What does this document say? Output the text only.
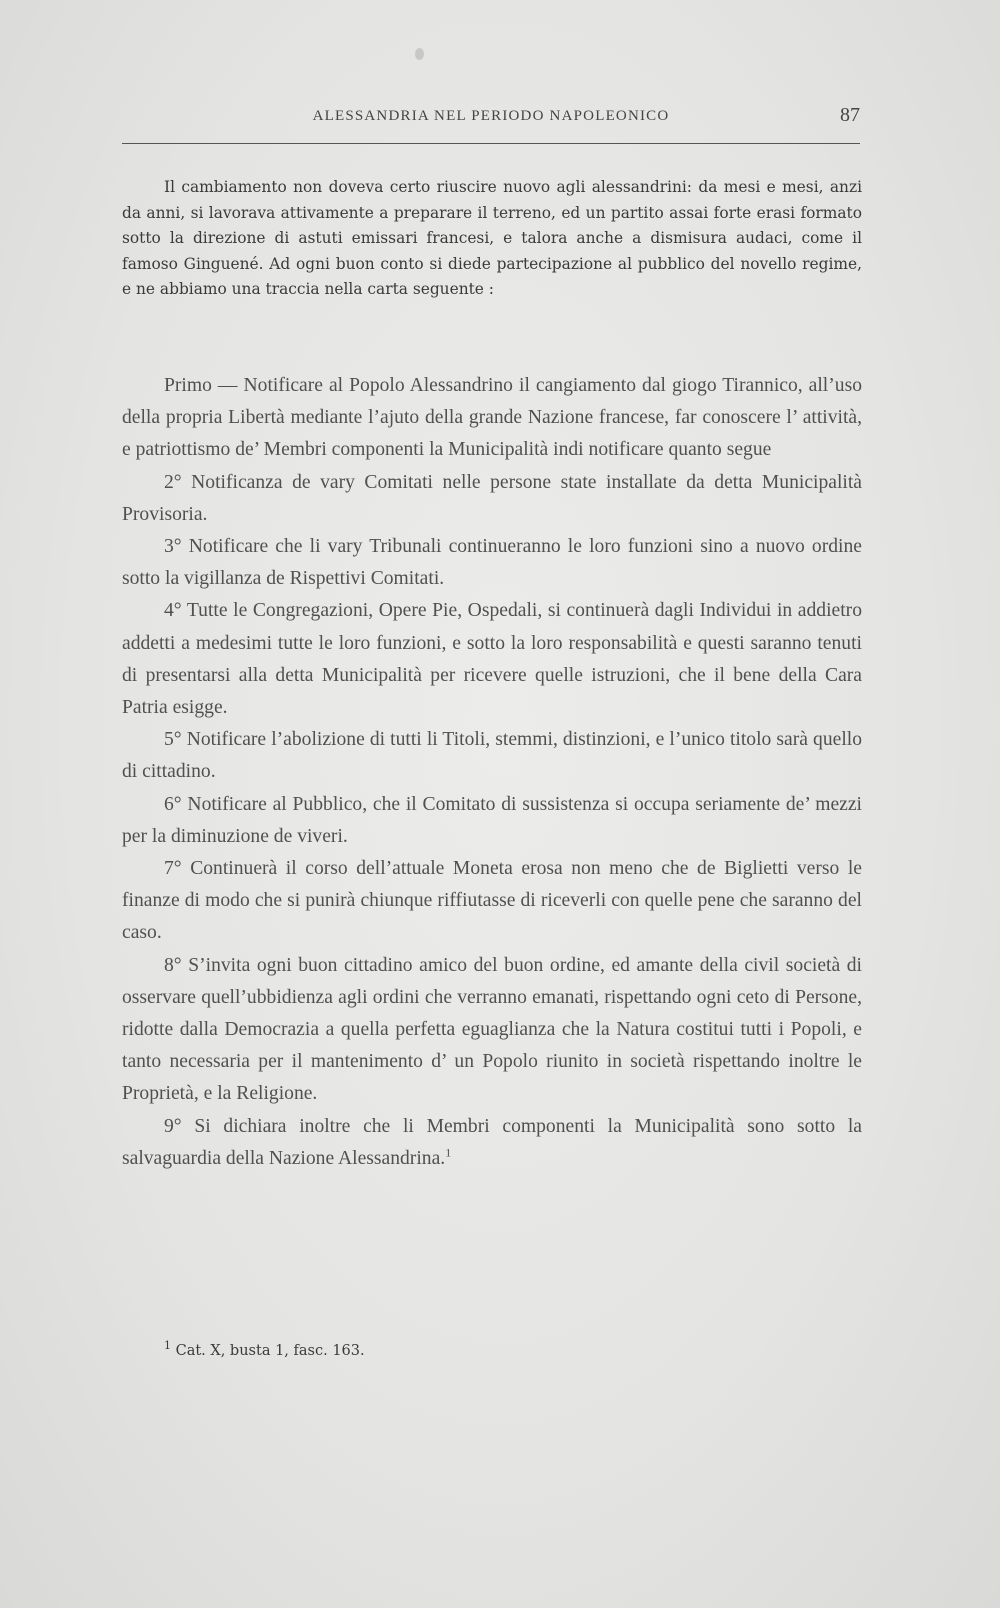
ALESSANDRIA NEL PERIODO NAPOLEONICO	87
Il cambiamento non doveva certo riuscire nuovo agli alessandrini: da mesi e mesi, anzi da anni, si lavorava attivamente a preparare il terreno, ed un partito assai forte erasi formato sotto la direzione di astuti emissari francesi, e talora anche a dismisura audaci, come il famoso Ginguené. Ad ogni buon conto si diede partecipazione al pubblico del novello regime, e ne abbiamo una traccia nella carta seguente :

Primo — Notificare al Popolo Alessandrino il cangiamento dal giogo Tirannico, all’uso della propria Libertà mediante l’ajuto della grande Nazione francese, far conoscere l’ attività, e patriottismo de’ Membri componenti la Municipalità indi notificare quanto segue

2° Notificanza de vary Comitati nelle persone state installate da detta Municipalità Provisoria.

3° Notificare che li vary Tribunali continueranno le loro funzioni sino a nuovo ordine sotto la vigillanza de Rispettivi Comitati.

4° Tutte le Congregazioni, Opere Pie, Ospedali, si continuerà dagli Individui in addietro addetti a medesimi tutte le loro funzioni, e sotto la loro responsabilità e questi saranno tenuti di presentarsi alla detta Municipalità per ricevere quelle istruzioni, che il bene della Cara Patria esigge.

5° Notificare l’abolizione di tutti li Titoli, stemmi, distinzioni, e l’unico titolo sarà quello di cittadino.

6° Notificare al Pubblico, che il Comitato di sussistenza si occupa seriamente de’ mezzi per la diminuzione de viveri.

7° Continuerà il corso dell’attuale Moneta erosa non meno che de Biglietti verso le finanze di modo che si punirà chiunque riffiutasse di riceverli con quelle pene che saranno del caso.

8° S’invita ogni buon cittadino amico del buon ordine, ed amante della civil società di osservare quell’ubbidienza agli ordini che verranno emanati, rispettando ogni ceto di Persone, ridotte dalla Democrazia a quella perfetta eguaglianza che la Natura costitui tutti i Popoli, e tanto necessaria per il mantenimento d’ un Popolo riunito in società rispettando inoltre le Proprietà, e la Religione.

9° Si dichiara inoltre che li Membri componenti la Municipalità sono sotto la salvaguardia della Nazione Alessandrina.$^1$

$^1$ Cat. X, busta 1, fasc. 163.
